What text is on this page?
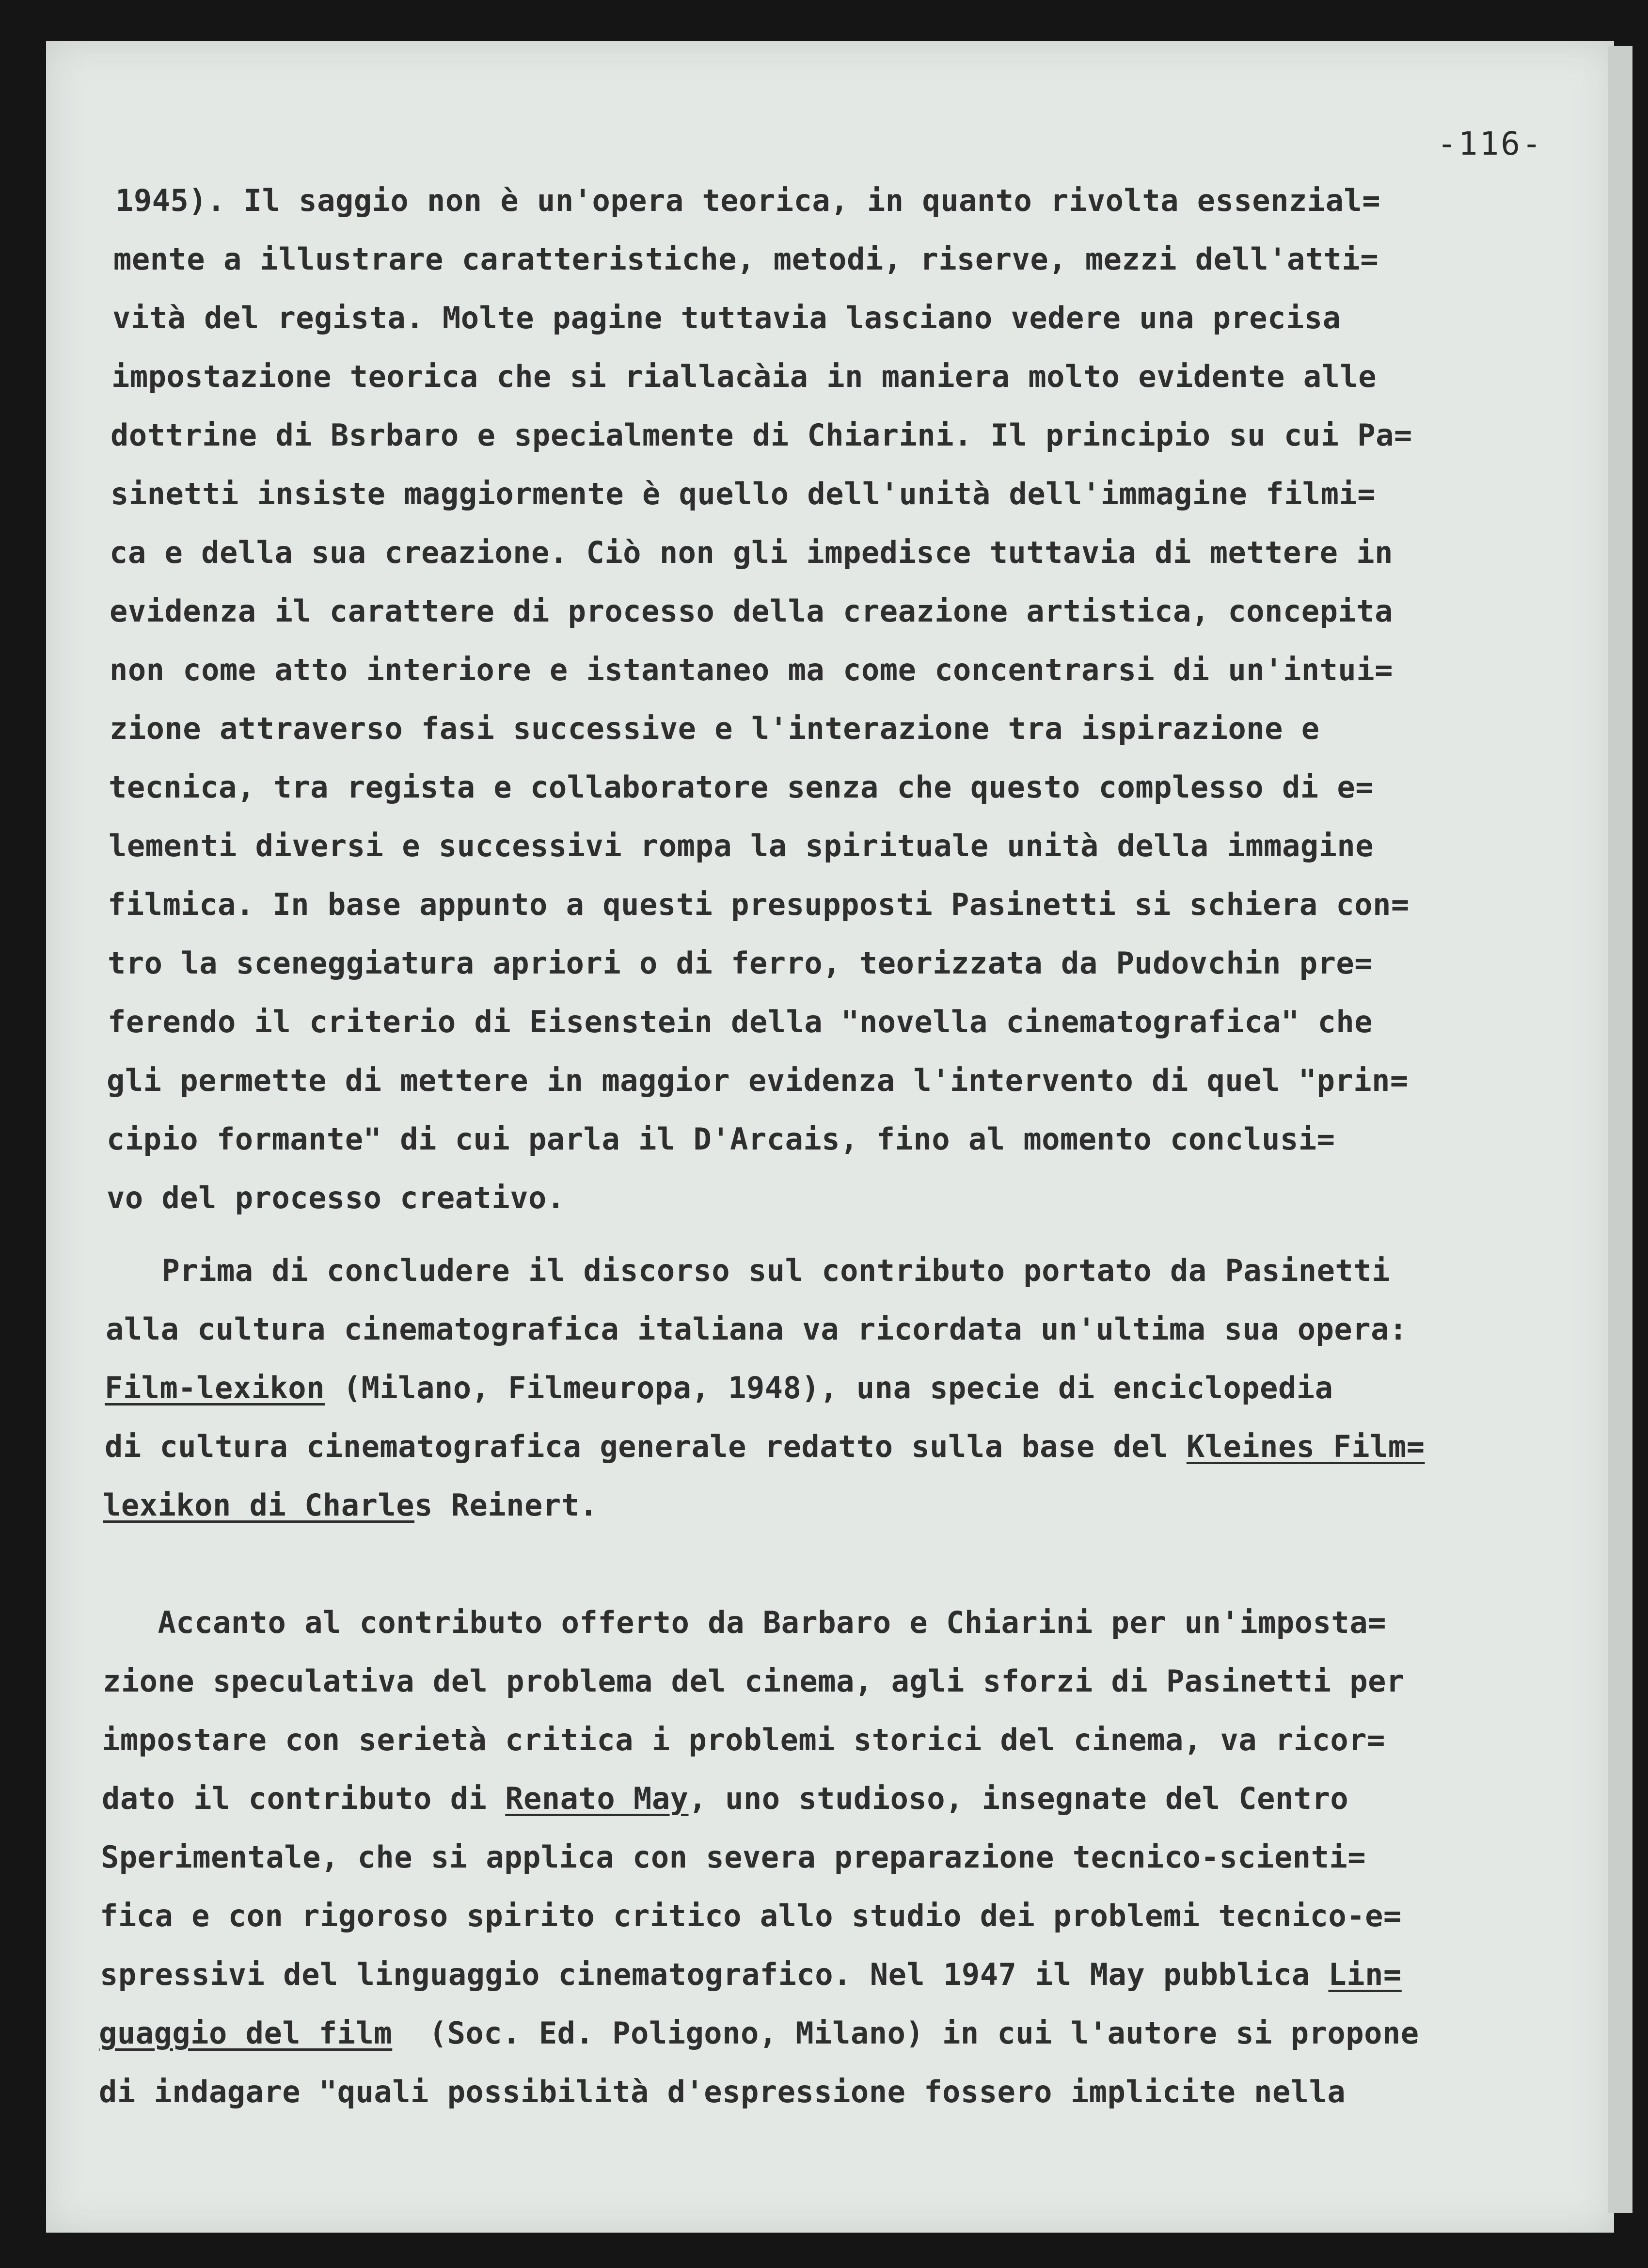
-116-

1945). Il saggio non è un'opera teorica, in quanto rivolta essenzial=

mente a illustrare caratteristiche, metodi, riserve, mezzi dell'atti=

vità del regista. Molte pagine tuttavia lasciano vedere una precisa

impostazione teorica che si riallacàia in maniera molto evidente alle

dottrine di Bsrbaro e specialmente di Chiarini. Il principio su cui Pa=

sinetti insiste maggiormente è quello dell'unità dell'immagine filmi=

ca e della sua creazione. Ciò non gli impedisce tuttavia di mettere in

evidenza il carattere di processo della creazione artistica, concepita

non come atto interiore e istantaneo ma come concentrarsi di un'intui=

zione attraverso fasi successive e l'interazione tra ispirazione e

tecnica, tra regista e collaboratore senza che questo complesso di e=

lementi diversi e successivi rompa la spirituale unità della immagine

filmica. In base appunto a questi presupposti Pasinetti si schiera con=

tro la sceneggiatura apriori o di ferro, teorizzata da Pudovchin pre=

ferendo il criterio di Eisenstein della "novella cinematografica" che

gli permette di mettere in maggior evidenza l'intervento di quel "prin=

cipio formante" di cui parla il D'Arcais, fino al momento conclusi=

vo del processo creativo.

Prima di concludere il discorso sul contributo portato da Pasinetti

alla cultura cinematografica italiana va ricordata un'ultima sua opera:

Film-lexikon (Milano, Filmeuropa, 1948), una specie di enciclopedia

di cultura cinematografica generale redatto sulla base del Kleines Film=

lexikon di Charles Reinert.

Accanto al contributo offerto da Barbaro e Chiarini per un'imposta=

zione speculativa del problema del cinema, agli sforzi di Pasinetti per

impostare con serietà critica i problemi storici del cinema, va ricor=

dato il contributo di Renato May, uno studioso, insegnate del Centro

Sperimentale, che si applica con severa preparazione tecnico-scienti=

fica e con rigoroso spirito critico allo studio dei problemi tecnico-e=

spressivi del linguaggio cinematografico. Nel 1947 il May pubblica Lin=

guaggio del film  (Soc. Ed. Poligono, Milano) in cui l'autore si propone

di indagare "quali possibilità d'espressione fossero implicite nella
